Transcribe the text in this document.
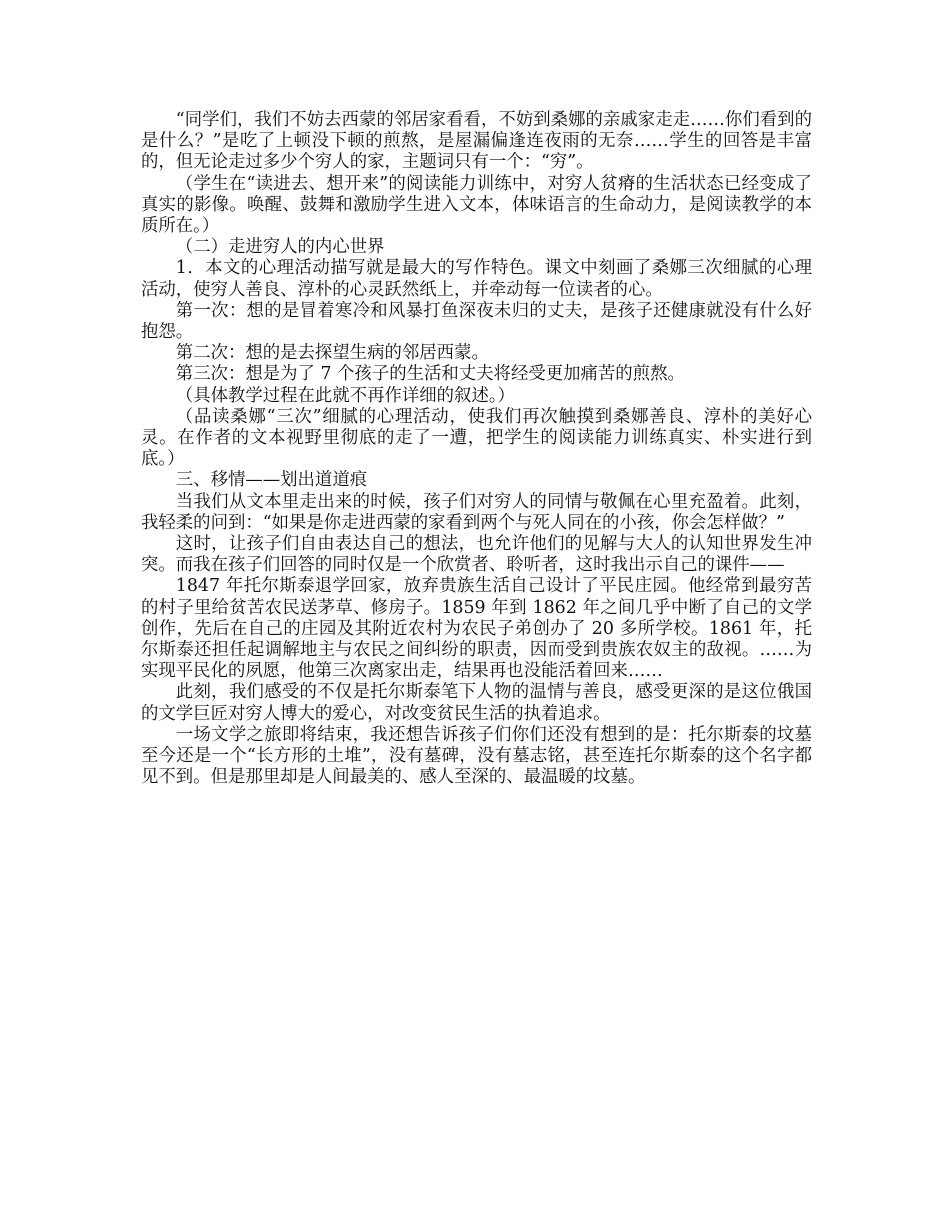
“同学们，我们不妨去西蒙的邻居家看看，不妨到桑娜的亲戚家走走……你们看到的是什么？”是吃了上顿没下顿的煎熬，是屋漏偏逢连夜雨的无奈……学生的回答是丰富的，但无论走过多少个穷人的家，主题词只有一个：“穷”。

（学生在“读进去、想开来”的阅读能力训练中，对穷人贫瘠的生活状态已经变成了真实的影像。唤醒、鼓舞和激励学生进入文本，体味语言的生命动力，是阅读教学的本质所在。）

（二）走进穷人的内心世界

1．本文的心理活动描写就是最大的写作特色。课文中刻画了桑娜三次细腻的心理活动，使穷人善良、淳朴的心灵跃然纸上，并牵动每一位读者的心。

第一次：想的是冒着寒冷和风暴打鱼深夜未归的丈夫，是孩子还健康就没有什么好抱怨。

第二次：想的是去探望生病的邻居西蒙。

第三次：想是为了 7 个孩子的生活和丈夫将经受更加痛苦的煎熬。

（具体教学过程在此就不再作详细的叙述。）

（品读桑娜“三次”细腻的心理活动，使我们再次触摸到桑娜善良、淳朴的美好心灵。在作者的文本视野里彻底的走了一遭，把学生的阅读能力训练真实、朴实进行到底。）

三、移情——划出道道痕

当我们从文本里走出来的时候，孩子们对穷人的同情与敬佩在心里充盈着。此刻，我轻柔的问到：“如果是你走进西蒙的家看到两个与死人同在的小孩，你会怎样做？”

这时，让孩子们自由表达自己的想法，也允许他们的见解与大人的认知世界发生冲突。而我在孩子们回答的同时仅是一个欣赏者、聆听者，这时我出示自己的课件——

1847 年托尔斯泰退学回家，放弃贵族生活自己设计了平民庄园。他经常到最穷苦的村子里给贫苦农民送茅草、修房子。1859 年到 1862 年之间几乎中断了自己的文学创作，先后在自己的庄园及其附近农村为农民子弟创办了 20 多所学校。1861 年，托尔斯泰还担任起调解地主与农民之间纠纷的职责，因而受到贵族农奴主的敌视。……为实现平民化的夙愿，他第三次离家出走，结果再也没能活着回来……

此刻，我们感受的不仅是托尔斯泰笔下人物的温情与善良，感受更深的是这位俄国的文学巨匠对穷人博大的爱心，对改变贫民生活的执着追求。

一场文学之旅即将结束，我还想告诉孩子们你们还没有想到的是：托尔斯泰的坟墓至今还是一个“长方形的土堆”，没有墓碑，没有墓志铭，甚至连托尔斯泰的这个名字都见不到。但是那里却是人间最美的、感人至深的、最温暖的坟墓。
